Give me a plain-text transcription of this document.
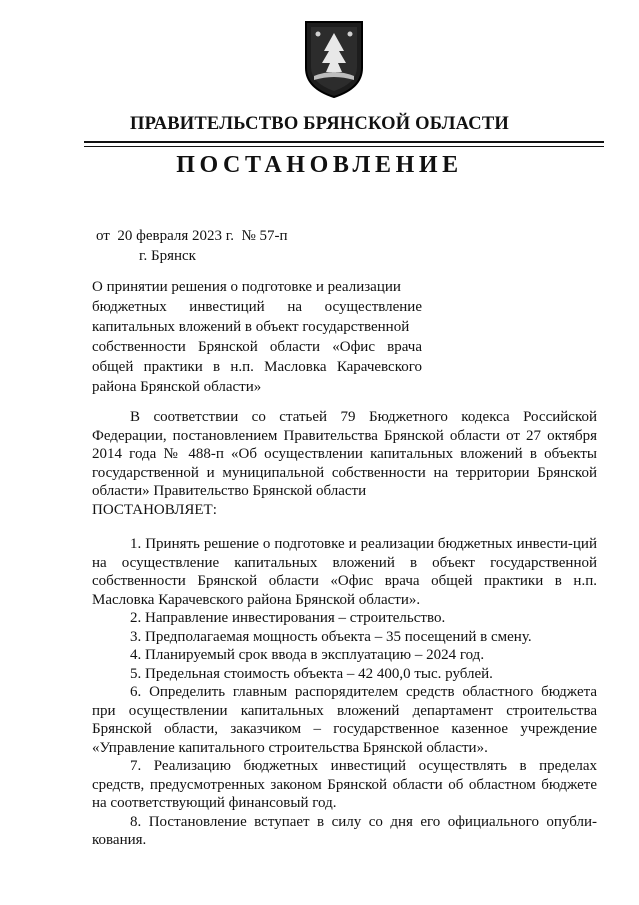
ПРАВИТЕЛЬСТВО БРЯНСКОЙ ОБЛАСТИ
ПОСТАНОВЛЕНИЕ
от  20 февраля 2023 г.  № 57-п
г. Брянск
О принятии решения о подготовке и реализации
бюджетных инвестиций на осуществление
капитальных вложений в объект государственной
собственности Брянской области «Офис врача
общей практики в н.п. Масловка Карачевского
района Брянской области»

В соответствии со статьей 79 Бюджетного кодекса Российской Федерации, постановлением Правительства Брянской области от 27 октября 2014 года № 488-п «Об осуществлении капитальных вложений в объекты государственной и муниципальной собственности на территории Брянской области» Правительство Брянской области

ПОСТАНОВЛЯЕТ:

1. Принять решение о подготовке и реализации бюджетных инвести-ций на осуществление капитальных вложений в объект государственной собственности Брянской области «Офис врача общей практики в н.п. Масловка Карачевского района Брянской области».

2. Направление инвестирования – строительство.

3. Предполагаемая мощность объекта – 35 посещений в смену.

4. Планируемый срок ввода в эксплуатацию – 2024 год.

5. Предельная стоимость объекта – 42 400,0 тыс. рублей.

6. Определить главным распорядителем средств областного бюджета при осуществлении капитальных вложений департамент строительства Брянской области, заказчиком – государственное казенное учреждение «Управление капитального строительства Брянской области».

7. Реализацию бюджетных инвестиций осуществлять в пределах средств, предусмотренных законом Брянской области об областном бюджете на соответствующий финансовый год.

8. Постановление вступает в силу со дня его официального опубли-кования.
